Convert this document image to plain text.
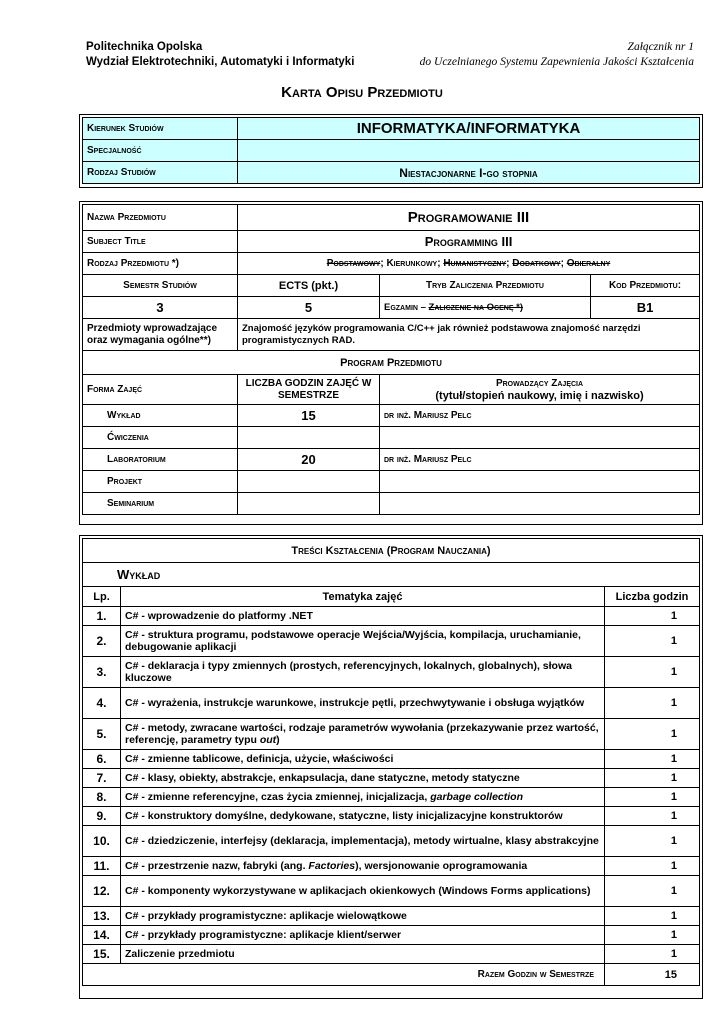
Politechnika Opolska
Wydział Elektrotechniki, Automatyki i Informatyki
Załącznik nr 1
do Uczelnianego Systemu Zapewnienia Jakości Kształcenia
Karta Opisu Przedmiotu
Kierunek Studiów	INFORMATYKA/INFORMATYKA
Specjalność	
Rodzaj Studiów	Niestacjonarne I-go stopnia
Nazwa Przedmiotu	Programowanie III		
Subject Title	Programming III		
Rodzaj Przedmiotu *)	Podstawowy; Kierunkowy; Humanistyczny; Dodatkowy; Obieralny		
Semestr Studiów	ECTS (pkt.)	Tryb Zaliczenia Przedmiotu	Kod Przedmiotu:
3	5	Egzamin – Zaliczenie na Ocenę *)	B1
Przedmioty wprowadzające oraz wymagania ogólne**)	Znajomość języków programowania C/C++ jak również podstawowa znajomość narzędzi programistycznych RAD.		
Program Przedmiotu			
Forma Zajęć	LICZBA GODZIN ZAJĘĆ W SEMESTRZE	Prowadzący Zajęcia
(tytuł/stopień naukowy, imię i nazwisko)	

Wykład	15	dr inż. Mariusz Pelc	
Ćwiczenia			
Laboratorium	20	dr inż. Mariusz Pelc	
Projekt			
Seminarium			
Treści Kształcenia (Program Nauczania)		
Wykład		
Lp.	Tematyka zajęć	Liczba godzin
1.	C# - wprowadzenie do platformy .NET	1
2.	C# - struktura programu, podstawowe operacje Wejścia/Wyjścia, kompilacja, uruchamianie, debugowanie aplikacji	1
3.	C# - deklaracja i typy zmiennych (prostych, referencyjnych, lokalnych, globalnych), słowa kluczowe	1
4.	C# - wyrażenia, instrukcje warunkowe, instrukcje pętli, przechwytywanie i obsługa wyjątków	1
5.	C# - metody, zwracane wartości, rodzaje parametrów wywołania (przekazywanie przez wartość, referencję, parametry typu out)	1
6.	C# - zmienne tablicowe, definicja, użycie, właściwości	1
7.	C# - klasy, obiekty, abstrakcje, enkapsulacja, dane statyczne, metody statyczne	1
8.	C# - zmienne referencyjne, czas życia zmiennej, inicjalizacja, garbage collection	1
9.	C# - konstruktory domyślne, dedykowane, statyczne, listy inicjalizacyjne konstruktorów	1
10.	C# - dziedziczenie, interfejsy (deklaracja, implementacja), metody wirtualne, klasy abstrakcyjne	1
11.	C# - przestrzenie nazw, fabryki (ang. Factories), wersjonowanie oprogramowania	1
12.	C# - komponenty wykorzystywane w aplikacjach okienkowych (Windows Forms applications)	1
13.	C# - przykłady programistyczne: aplikacje wielowątkowe	1
14.	C# - przykłady programistyczne: aplikacje klient/serwer	1
15.	Zaliczenie przedmiotu	1
Razem Godzin w Semestrze		15
